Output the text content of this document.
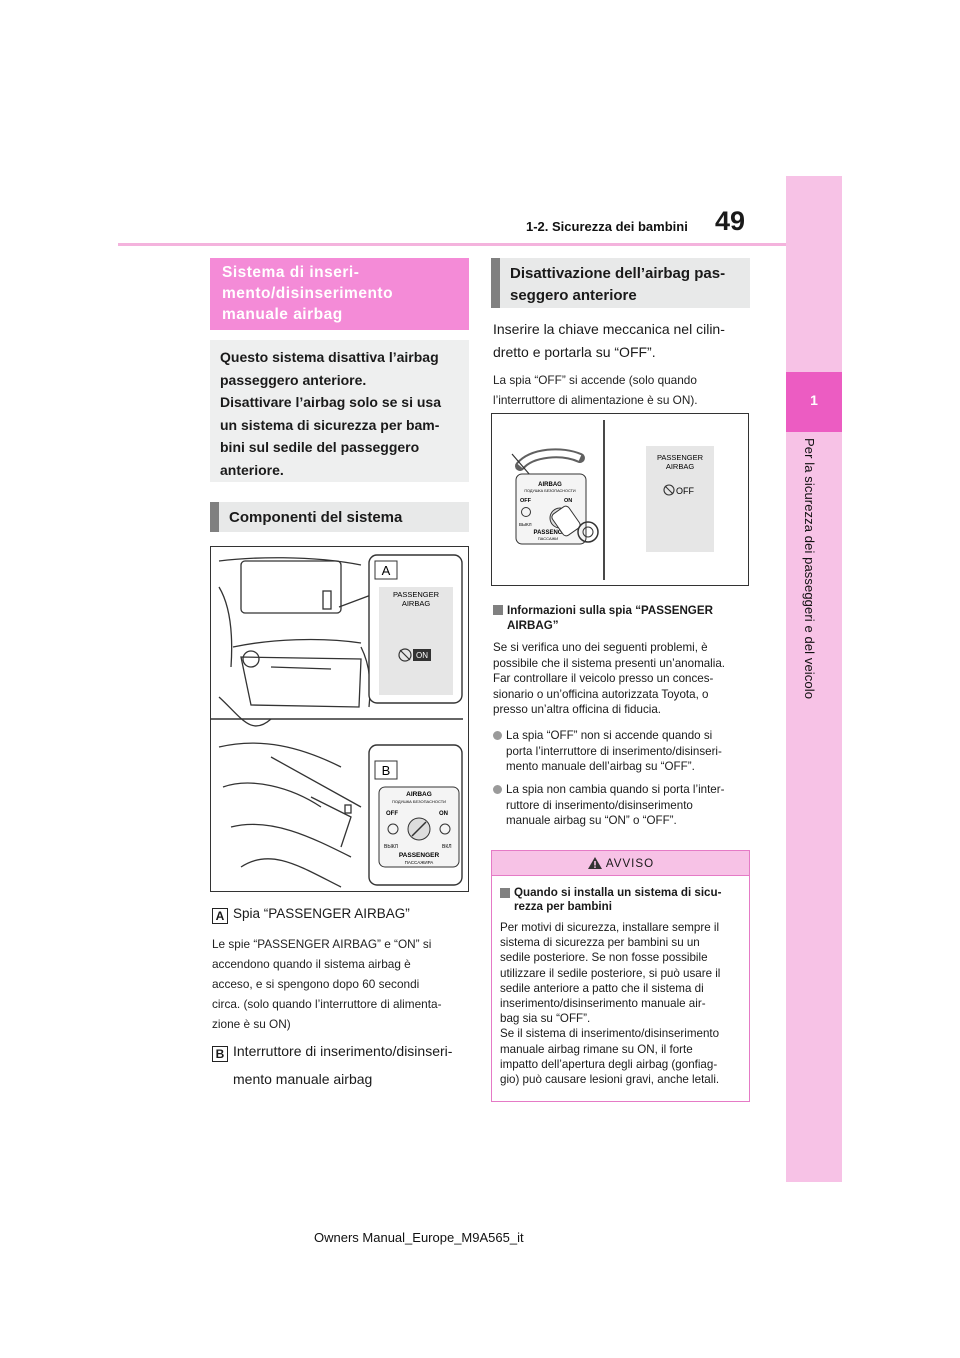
49
1-2. Sicurezza dei bambini
1
Per la sicurezza dei passeggeri e del veicolo
Sistema di inseri-
mento/disinserimento
manuale airbag

Questo sistema disattiva l’airbag

passeggero anteriore.

Disattivare l’airbag solo se si usa

un sistema di sicurezza per bam-

bini sul sedile del passeggero

anteriore.

Componenti del sistema
PASSENGER
AIRBAG
ON
A
B
AIRBAG
ПОДУШКА БЕЗОПАСНОСТИ
OFF	ON
ВЫКЛ	ВКЛ
PASSENGER
ПАССАЖИРА
A Spia “PASSENGER AIRBAG”
Le spie “PASSENGER AIRBAG” e “ON” si
accendono quando il sistema airbag è
acceso, e si spengono dopo 60 secondi
circa. (solo quando l’interruttore di alimenta-
zione è su ON)
B Interruttore di inserimento/disinseri-
mento manuale airbag
Disattivazione dell’airbag pas-
seggero anteriore
Inserire la chiave meccanica nel cilin-
dretto e portarla su “OFF”.
La spia “OFF” si accende (solo quando
l’interruttore di alimentazione è su ON).
AIRBAG
ПОДУШКА БЕЗОПАСНОСТИ
OFF	ON
ВЫКЛ
PASSENG
ПАССАЖИ
PASSENGER
AIRBAG
OFF
Informazioni sulla spia “PASSENGER
AIRBAG”
Se si verifica uno dei seguenti problemi, è
possibile che il sistema presenti un’anomalia.
Far controllare il veicolo presso un conces-
sionario o un’officina autorizzata Toyota, o
presso un’altra officina di fiducia.
La spia “OFF” non si accende quando si
porta l’interruttore di inserimento/disinseri-
mento manuale dell’airbag su “OFF”.
La spia non cambia quando si porta l’inter-
ruttore di inserimento/disinserimento
manuale airbag su “ON” o “OFF”.
AVVISO
Quando si installa un sistema di sicu-
rezza per bambini
Per motivi di sicurezza, installare sempre il
sistema di sicurezza per bambini su un
sedile posteriore. Se non fosse possibile
utilizzare il sedile posteriore, si può usare il
sedile anteriore a patto che il sistema di
inserimento/disinserimento manuale air-
bag sia su “OFF”.
Se il sistema di inserimento/disinserimento
manuale airbag rimane su ON, il forte
impatto dell’apertura degli airbag (gonfiag-
gio) può causare lesioni gravi, anche letali.
Owners Manual_Europe_M9A565_it
